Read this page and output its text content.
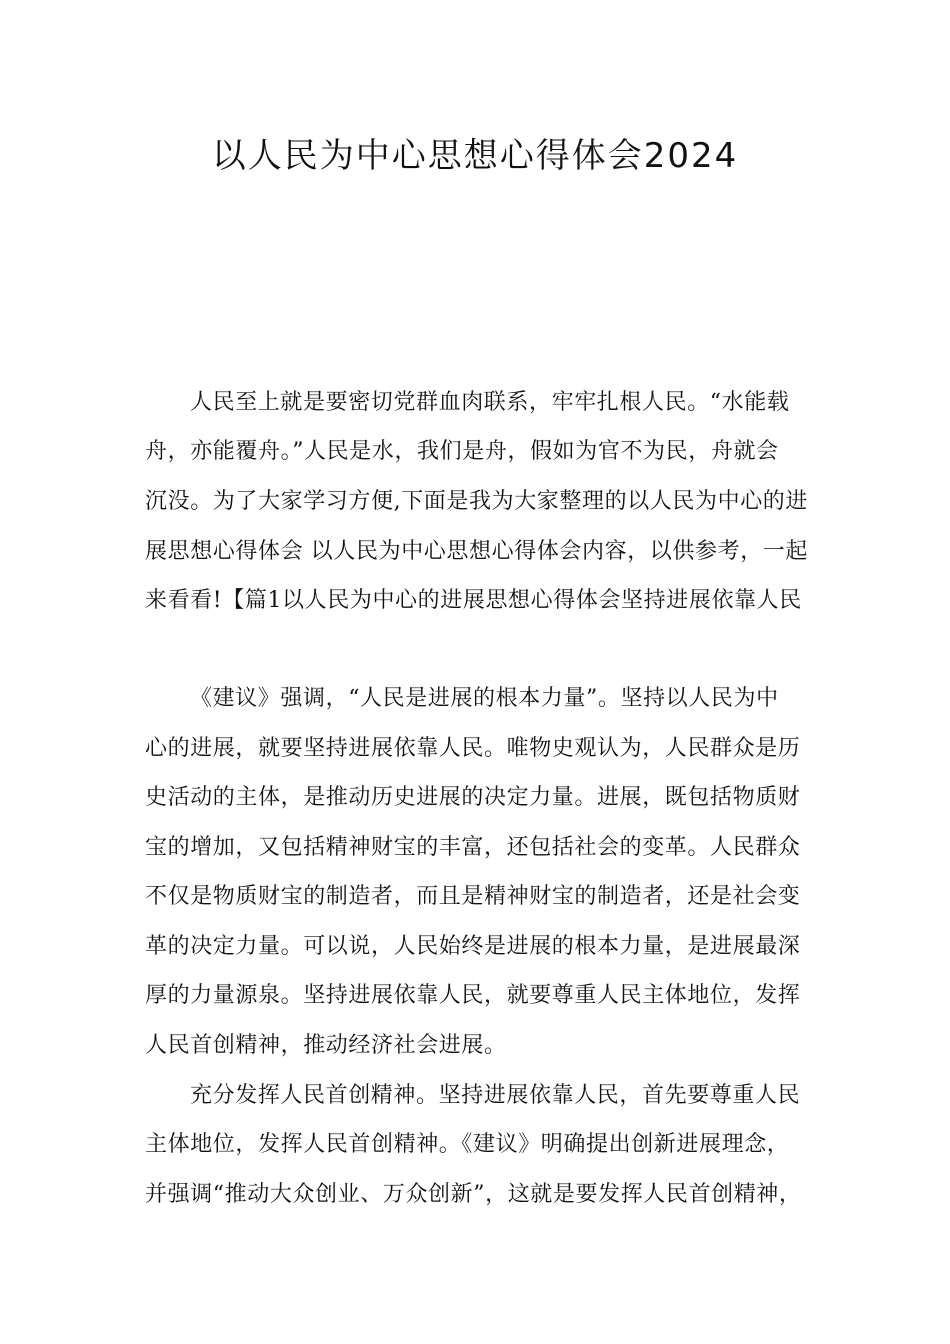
以人民为中心思想心得体会2024
人民至上就是要密切党群血肉联系，牢牢扎根人民。“水能载
舟，亦能覆舟。”人民是水，我们是舟，假如为官不为民，舟就会
沉没。为了大家学习方便,下面是我为大家整理的以人民为中心的进
展思想心得体会 以人民为中心思想心得体会内容，以供参考，一起
来看看!【篇1以人民为中心的进展思想心得体会坚持进展依靠人民
《建议》强调，“人民是进展的根本力量”。坚持以人民为中
心的进展，就要坚持进展依靠人民。唯物史观认为，人民群众是历
史活动的主体，是推动历史进展的决定力量。进展，既包括物质财
宝的增加，又包括精神财宝的丰富，还包括社会的变革。人民群众
不仅是物质财宝的制造者，而且是精神财宝的制造者，还是社会变
革的决定力量。可以说，人民始终是进展的根本力量，是进展最深
厚的力量源泉。坚持进展依靠人民，就要尊重人民主体地位，发挥
人民首创精神，推动经济社会进展。
充分发挥人民首创精神。坚持进展依靠人民，首先要尊重人民
主体地位，发挥人民首创精神。《建议》明确提出创新进展理念，
并强调“推动大众创业、万众创新”，这就是要发挥人民首创精神，
